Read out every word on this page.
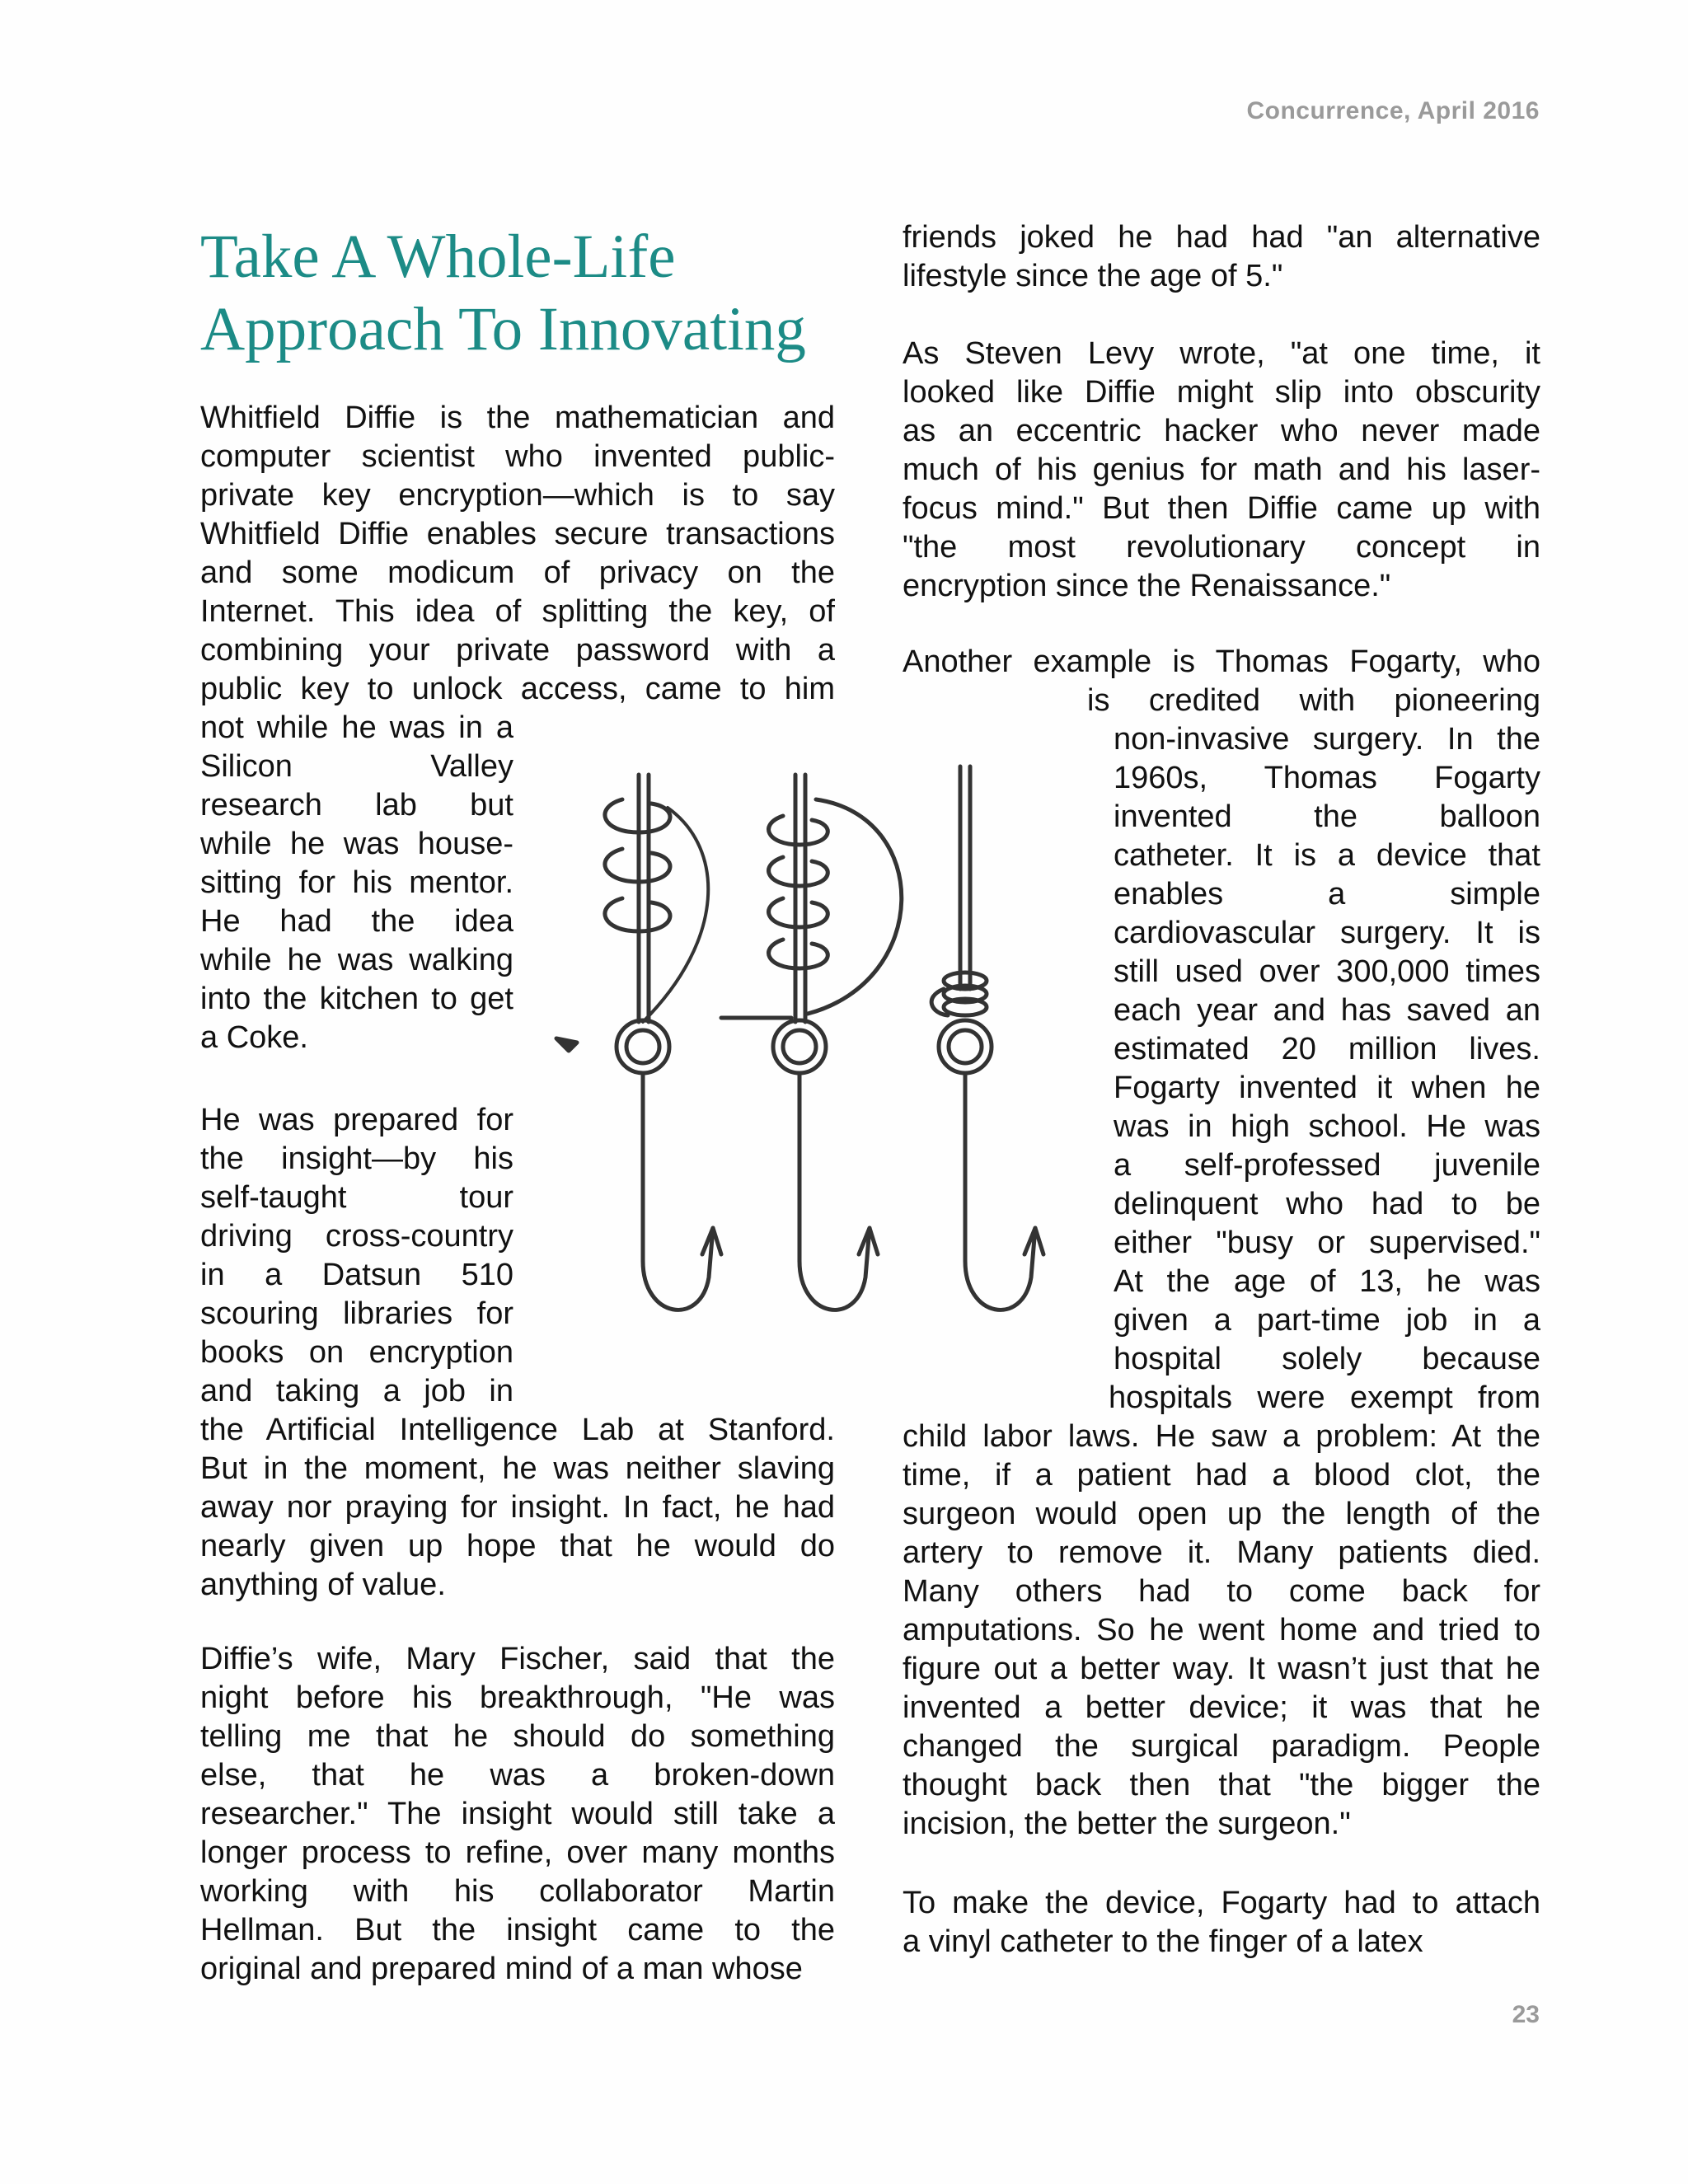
Concurrence, April 2016
Take A Whole-Life
Approach To Innovating
Whitfield Diffie is the mathematician and
computer scientist who invented public-
private key encryption—which is to say
Whitfield Diffie enables secure transactions
and some modicum of privacy on the
Internet. This idea of splitting the key, of
combining your private password with a
public key to unlock access, came to him
not while he was in a
Silicon Valley
research lab but
while he was house-
sitting for his mentor.
He had the idea
while he was walking
into the kitchen to get
a Coke.
He was prepared for
the insight—by his
self-taught tour
driving cross-country
in a Datsun 510
scouring libraries for
books on encryption
and taking a job in
the Artificial Intelligence Lab at Stanford.
But in the moment, he was neither slaving
away nor praying for insight. In fact, he had
nearly given up hope that he would do
anything of value.
Diffie’s wife, Mary Fischer, said that the
night before his breakthrough, "He was
telling me that he should do something
else, that he was a broken-down
researcher." The insight would still take a
longer process to refine, over many months
working with his collaborator Martin
Hellman. But the insight came to the
original and prepared mind of a man whose
friends joked he had had "an alternative
lifestyle since the age of 5."
As Steven Levy wrote, "at one time, it
looked like Diffie might slip into obscurity
as an eccentric hacker who never made
much of his genius for math and his laser-
focus mind." But then Diffie came up with
"the most revolutionary concept in
encryption since the Renaissance."
Another example is Thomas Fogarty, who
is credited with pioneering
non-invasive surgery. In the
1960s, Thomas Fogarty
invented the balloon
catheter. It is a device that
enables a simple
cardiovascular surgery. It is
still used over 300,000 times
each year and has saved an
estimated 20 million lives.
Fogarty invented it when he
was in high school. He was
a self-professed juvenile
delinquent who had to be
either "busy or supervised."
At the age of 13, he was
given a part-time job in a
hospital solely because
hospitals were exempt from
child labor laws. He saw a problem: At the
time, if a patient had a blood clot, the
surgeon would open up the length of the
artery to remove it. Many patients died.
Many others had to come back for
amputations. So he went home and tried to
figure out a better way. It wasn’t just that he
invented a better device; it was that he
changed the surgical paradigm. People
thought back then that "the bigger the
incision, the better the surgeon."
To make the device, Fogarty had to attach
a vinyl catheter to the finger of a latex
23
